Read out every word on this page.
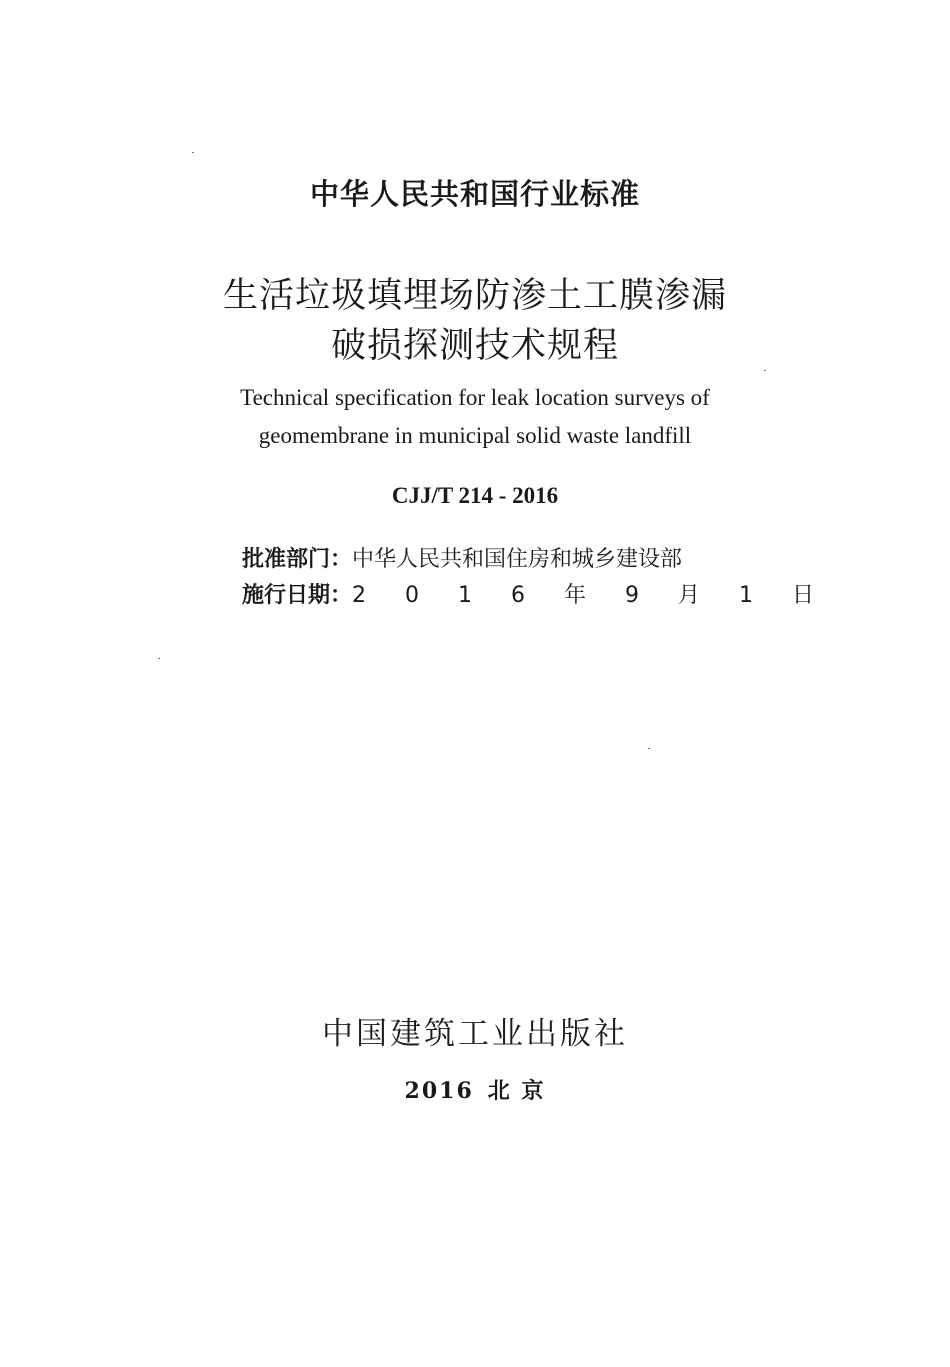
中华人民共和国行业标准
生活垃圾填埋场防渗土工膜渗漏
破损探测技术规程
Technical specification for leak location surveys of
geomembrane in municipal solid waste landfill
CJJ/T 214 - 2016
批准部门：中华人民共和国住房和城乡建设部
施行日期：2 0 1 6 年 9 月 1 日
中国建筑工业出版社
2016 北 京
